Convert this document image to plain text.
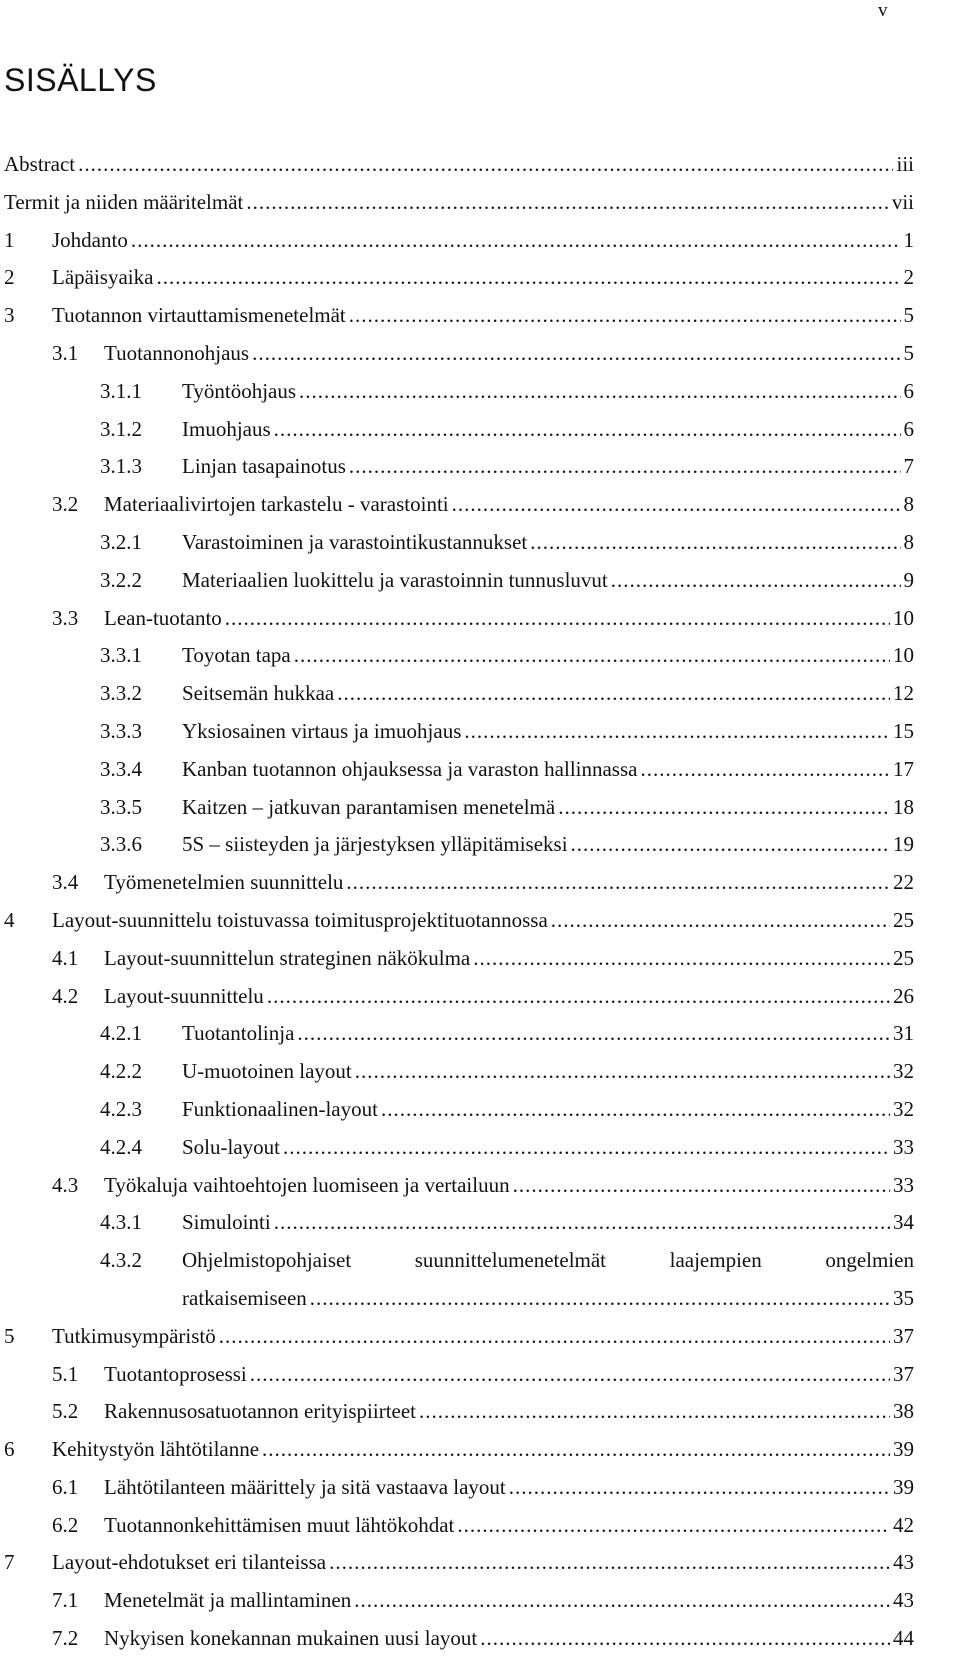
v
SISÄLLYS
Abstract .....	iii
Termit ja niiden määritelmät .....	vii
1	Johdanto .....	1
2	Läpäisyaika .....	2
3	Tuotannon virtauttamismenetelmät .....	5
3.1	Tuotannonohjaus .....	5
3.1.1	Työntöohjaus .....	6
3.1.2	Imuohjaus .....	6
3.1.3	Linjan tasapainotus .....	7
3.2	Materiaalivirtojen tarkastelu - varastointi .....	8
3.2.1	Varastoiminen ja varastointikustannukset .....	8
3.2.2	Materiaalien luokittelu ja varastoinnin tunnusluvut .....	9
3.3	Lean-tuotanto .....	10
3.3.1	Toyotan tapa .....	10
3.3.2	Seitsemän hukkaa .....	12
3.3.3	Yksiosainen virtaus ja imuohjaus .....	15
3.3.4	Kanban tuotannon ohjauksessa ja varaston hallinnassa .....	17
3.3.5	Kaitzen – jatkuvan parantamisen menetelmä .....	18
3.3.6	5S – siisteyden ja järjestyksen ylläpitämiseksi .....	19
3.4	Työmenetelmien suunnittelu .....	22
4	Layout-suunnittelu toistuvassa toimitusprojektituotannossa .....	25
4.1	Layout-suunnittelun strateginen näkökulma .....	25
4.2	Layout-suunnittelu .....	26
4.2.1	Tuotantolinja .....	31
4.2.2	U-muotoinen layout .....	32
4.2.3	Funktionaalinen-layout .....	32
4.2.4	Solu-layout .....	33
4.3	Työkaluja vaihtoehtojen luomiseen ja vertailuun .....	33
4.3.1	Simulointi .....	34
4.3.2	Ohjelmistopohjaiset	suunnittelumenetelmät	laajempien	ongelmien
ratkaisemiseen .....	35
5	Tutkimusympäristö .....	37
5.1	Tuotantoprosessi .....	37
5.2	Rakennusosatuotannon erityispiirteet .....	38
6	Kehitystyön lähtötilanne .....	39
6.1	Lähtötilanteen määrittely ja sitä vastaava layout .....	39
6.2	Tuotannonkehittämisen muut lähtökohdat .....	42
7	Layout-ehdotukset eri tilanteissa .....	43
7.1	Menetelmät ja mallintaminen .....	43
7.2	Nykyisen konekannan mukainen uusi layout .....	44
